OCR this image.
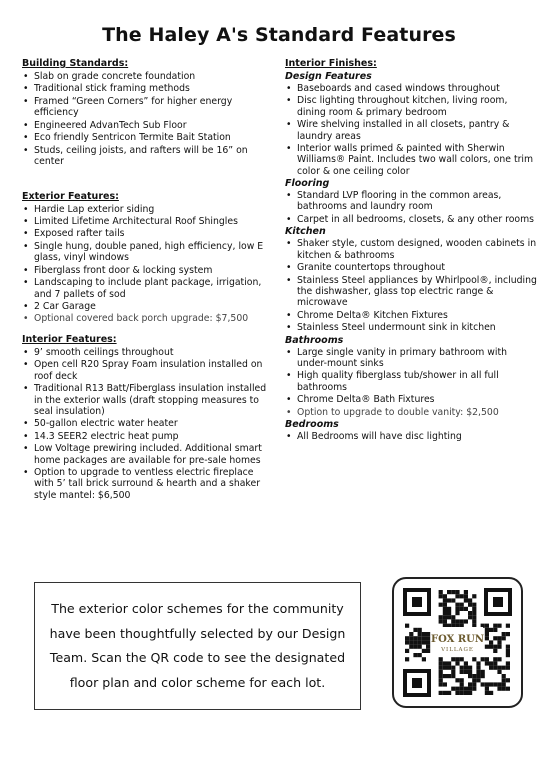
The Haley A's Standard Features
Building Standards:
• Slab on grade concrete foundation
• Traditional stick framing methods
• Framed “Green Corners” for higher energy efficiency
• Engineered AdvanTech Sub Floor
• Eco friendly Sentricon Termite Bait Station
• Studs, ceiling joists, and rafters will be 16” on center
Exterior Features:
• Hardie Lap exterior siding
• Limited Lifetime Architectural Roof Shingles
• Exposed rafter tails
• Single hung, double paned, high efficiency, low E glass, vinyl windows
• Fiberglass front door & locking system
• Landscaping to include plant package, irrigation, and 7 pallets of sod
• 2 Car Garage
• Optional covered back porch upgrade: $7,500
Interior Features:
• 9’ smooth ceilings throughout
• Open cell R20 Spray Foam insulation installed on roof deck
• Traditional R13 Batt/Fiberglass insulation installed in the exterior walls (draft stopping measures to seal insulation)
• 50-gallon electric water heater
• 14.3 SEER2 electric heat pump
• Low Voltage prewiring included. Additional smart home packages are available for pre-sale homes
• Option to upgrade to ventless electric fireplace with 5’ tall brick surround & hearth and a shaker style mantel: $6,500
Interior Finishes:
Design Features
• Baseboards and cased windows throughout
• Disc lighting throughout kitchen, living room, dining room & primary bedroom
• Wire shelving installed in all closets, pantry & laundry areas
• Interior walls primed & painted with Sherwin Williams® Paint. Includes two wall colors, one trim color & one ceiling color
Flooring
• Standard LVP flooring in the common areas, bathrooms and laundry room
• Carpet in all bedrooms, closets, & any other rooms
Kitchen
• Shaker style, custom designed, wooden cabinets in kitchen & bathrooms
• Granite countertops throughout
• Stainless Steel appliances by Whirlpool®, including the dishwasher, glass top electric range & microwave
• Chrome Delta® Kitchen Fixtures
• Stainless Steel undermount sink in kitchen
Bathrooms
• Large single vanity in primary bathroom with under-mount sinks
• High quality fiberglass tub/shower in all full bathrooms
• Chrome Delta® Bath Fixtures
• Option to upgrade to double vanity: $2,500
Bedrooms
• All Bedrooms will have disc lighting
The exterior color schemes for the community have been thoughtfully selected by our Design Team. Scan the QR code to see the designated floor plan and color scheme for each lot.
FOX RUN
VILLAGE
